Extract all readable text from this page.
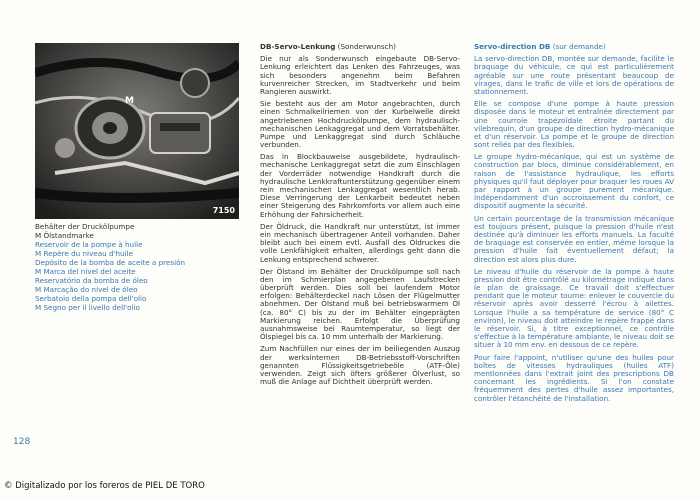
M
7150
Behälter der Druckölpumpe
M Ölstandmarke
Reservoir de la pompe à huile
M Repère du niveau d'huile
Depósito de la bomba de aceite a presión
M Marca del nivel del aceite
Reservatório da bomba de óleo
M Marcação do nível de óleo
Serbatoio della pompa dell'olio
M Segno per il livello dell'olio

DB-Servo-Lenkung (Sonderwunsch)

Die nur als Sonderwunsch eingebaute DB-Servo-Lenkung erleichtert das Lenken des Fahrzeuges, was sich besonders angenehm beim Befahren kurvenreicher Strecken, im Stadtverkehr und beim Rangieren auswirkt.

Sie besteht aus der am Motor angebrachten, durch einen Schmalkeilriemen von der Kurbelwelle direkt angetriebenen Hochdruckölpumpe, dem hydraulisch-mechanischen Lenkaggregat und dem Vorratsbehälter. Pumpe und Lenkaggregat sind durch Schläuche verbunden.

Das in Blockbauweise ausgebildete, hydraulisch-mechanische Lenkaggregat setzt die zum Einschlagen der Vorderräder notwendige Handkraft durch die hydraulische Lenkkraftunterstützung gegenüber einem rein mechanischen Lenkaggregat wesentlich herab. Diese Verringerung der Lenkarbeit bedeutet neben einer Steigerung des Fahrkomforts vor allem auch eine Erhöhung der Fahrsicherheit.

Der Öldruck, die Handkraft nur unterstützt, ist immer ein mechanisch übertragener Anteil vorhanden. Daher bleibt auch bei einem evtl. Ausfall des Öldruckes die volle Lenkfähigkeit erhalten, allerdings geht dann die Lenkung entsprechend schwerer.

Der Ölstand im Behälter der Druckölpumpe soll nach den im Schmierplan angegebenen Laufstrecken überprüft werden. Dies soll bei laufendem Motor erfolgen: Behälterdeckel nach Lösen der Flügelmutter abnehmen. Der Ölstand muß bei betriebswarmem Öl (ca. 80° C) bis zu der im Behälter eingeprägten Markierung reichen. Erfolgt die Überprüfung ausnahmsweise bei Raumtemperatur, so liegt der Ölspiegel bis ca. 10 mm unterhalb der Markierung.

Zum Nachfüllen nur eines der im beiliegenden Auszug der werksinternen DB-Betriebsstoff-Vorschriften genannten Flüssigkeitsgetriebeöle (ATF-Öle) verwenden. Zeigt sich öfters größerer Ölverlust, so muß die Anlage auf Dichtheit überprüft werden.

Servo-direction DB (sur demande)

La servo-direction DB, montée sur demande, facilite le braquage du véhicule, ce qui est particulièrement agréable sur une route présentant beaucoup de virages, dans le trafic de ville et lors de opérations de stationnement.

Elle se compose d'une pompe à haute pression disposée dans le moteur et entraînée directement par une courroie trapézoïdale étroite partant du vilebrequin, d'un groupe de direction hydro-mécanique et d'un réservoir. La pompe et le groupe de direction sont reliés par des flexibles.

Le groupe hydro-mécanique, qui est un système de construction par blocs, diminue considérablement, en raison de l'assistance hydraulique, les efforts physiques qu'il faut déployer pour braquer les roues AV par rapport à un groupe purement mécanique. Indépendamment d'un accroissement du confort, ce dispositif augmente la sécurité.

Un certain pourcentage de la transmission mécanique est toujours présent, puisque la pression d'huile n'est destinée qu'à diminuer les efforts manuels. La faculté de braquage est conservée en entier, même lorsque la pression d'huile fait éventuellement défaut; la direction est alors plus dure.

Le niveau d'huile du réservoir de la pompe à haute pression doit être contrôlé au kilométrage indiqué dans le plan de graissage. Ce travail doit s'effectuer pendant que le moteur tourne: enlever le couvercle du réservoir après avoir desserré l'écrou à ailettes. Lorsque l'huile a sa température de service (80° C environ), le niveau doit atteindre le repère frappé dans le réservoir. Si, à titre exceptionnel, ce contrôle s'effectue à la température ambiante, le niveau doit se situer à 10 mm env. en dessous de ce repère.

Pour faire l'appoint, n'utiliser qu'une des huiles pour boîtes de vitesses hydrauliques (huiles ATF) mentionnées dans l'extrait joint des prescriptions DB concernant les ingrédients. Si l'on constate fréquemment des pertes d'huile assez importantes, contrôler l'étanchéité de l'installation.

128
© Digitalizado por los foreros de PIEL DE TORO
